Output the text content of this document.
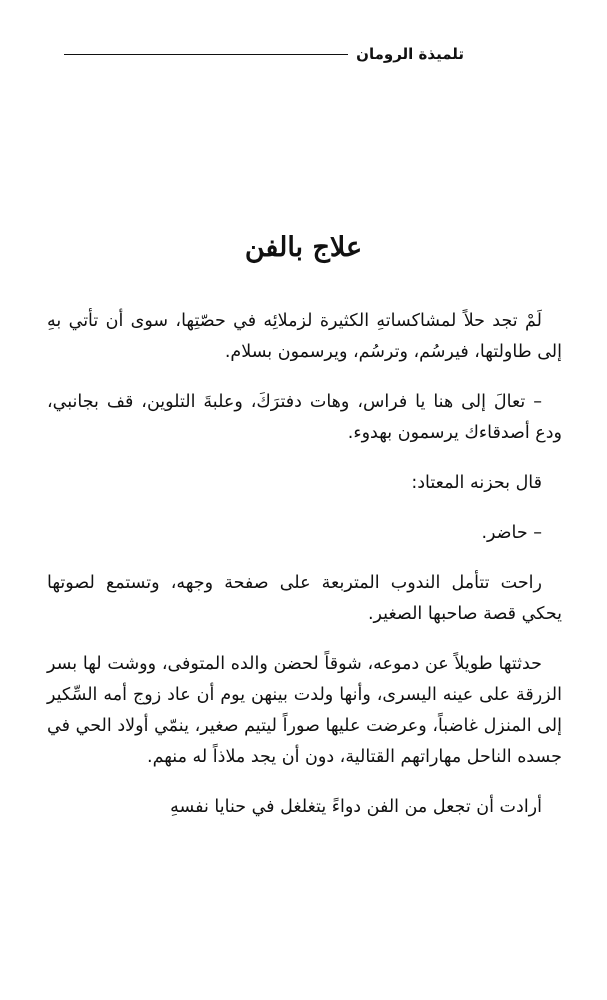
تلميذة الرومان
علاج بالفن

لَمْ تجد حلاً لمشاكساتهِ الكثيرة لزملائِه في حصّتِها، سوى أن تأتي بهِ إلى طاولتها، فيرسُم، وترسُم، ويرسمون بسلام.

– تعالَ إلى هنا يا فراس، وهات دفترَكَ، وعلبةَ التلوين، قف بجانبي، ودع أصدقاءك يرسمون بهدوء.

قال بحزنه المعتاد:

– حاضر.

راحت تتأمل الندوب المتربعة على صفحة وجهه، وتستمع لصوتها يحكي قصة صاحبها الصغير.

حدثتها طويلاً عن دموعه، شوقاً لحضن والده المتوفى، ووشت لها بسر الزرقة على عينه اليسرى، وأنها ولدت بينهن يوم أن عاد زوج أمه السِّكير إلى المنزل غاضباً، وعرضت عليها صوراً ليتيم صغير، ينمّي أولاد الحي في جسده الناحل مهاراتهم القتالية، دون أن يجد ملاذاً له منهم.

أرادت أن تجعل من الفن دواءً يتغلغل في حنايا نفسهِ
